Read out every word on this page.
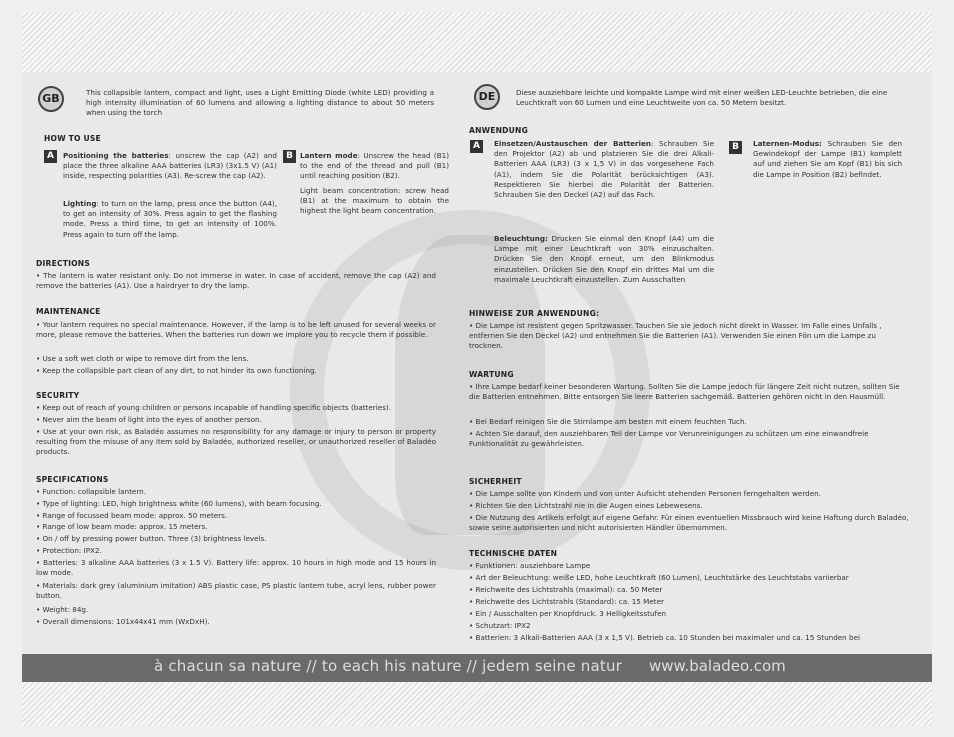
GB	This collapsible lantern, compact and light, uses a Light Emitting Diode (white LED) providing a high intensity illumination of 60 lumens and allowing a lighting distance to about 50 meters when using the torch

HOW TO USE
A	Positioning the batteries: unscrew the cap (A2) and place the three alkaline AAA batteries (LR3) (3x1.5 V) (A1) inside, respecting polarities (A3). Re-screw the cap (A2).

Lighting: to turn on the lamp, press once the button (A4), to get an intensity of 30%. Press again to get the flashing mode. Press a third time, to get an intensity of 100%. Press again to turn off the lamp.

B Lantern mode: Unscrew the head (B1) to the end of the thread and pull (B1) until reaching position (B2).

Light beam concentration: screw head (B1) at the maximum to obtain the highest the light beam concentration.

DIRECTIONS

• The lantern is water resistant only. Do not immerse in water. In case of accident, remove the cap (A2) and remove the batteries (A1). Use a hairdryer to dry the lamp.

MAINTENANCE

• Your lantern requires no special maintenance. However, if the lamp is to be left unused for several weeks or more, please remove the batteries. When the batteries run down we implore you to recycle them if possible.

• Use a soft wet cloth or wipe to remove dirt from the lens.

• Keep the collapsible part clean of any dirt, to not hinder its own functioning.

SECURITY

• Keep out of reach of young children or persons incapable of handling specific objects (batteries).

• Never aim the beam of light into the eyes of another person.

• Use at your own risk, as Baladéo assumes no responsibility for any damage or injury to person or property resulting from the misuse of any item sold by Baladéo, authorized reseller, or unauthorized reseller of Baladéo products.

SPECIFICATIONS

• Function: collapsible lantern.

• Type of lighting: LED, high brightness white (60 lumens), with beam focusing.

• Range of focussed beam mode: approx. 50 meters.

• Range of low beam mode: approx. 15 meters.

• On / off by pressing power button. Three (3) brightness levels.

• Protection: IPX2.

• Batteries: 3 alkaline AAA batteries (3 x 1.5 V). Battery life: approx. 10 hours in high mode and 15 hours in low mode.

• Materials: dark grey (aluminium imitation) ABS plastic case, PS plastic lantern tube, acryl lens, rubber power button.

• Weight: 84g.

• Overall dimensions: 101x44x41 mm (WxDxH).

DE	Diese ausziehbare leichte und kompakte Lampe wird mit einer weißen LED-Leuchte betrieben, die eine Leuchtkraft von 60 Lumen und eine Leuchtweite von ca. 50 Metern besitzt.

ANWENDUNG
A	Einsetzen/Austauschen der Batterien: Schrauben Sie den Projektor (A2) ab und platzieren Sie die drei Alkali-Batterien AAA (LR3) (3 x 1,5 V) in das vorgesehene Fach (A1), indem Sie die Polarität berücksichtigen (A3). Respektieren Sie hierbei die Polarität der Batterien. Schrauben Sie den Deckel (A2) auf das Fach.

Beleuchtung: Drucken Sie einmal den Knopf (A4) um die Lampe mit einer Leuchtkraft von 30% einzuschalten. Drücken Sie den Knopf erneut, um den Blinkmodus einzustellen. Drücken Sie den Knopf ein drittes Mal um die maximale Leuchtkraft einzustellen. Zum Ausschalten

B	Laternen-Modus: Schrauben Sie den Gewindekopf der Lampe (B1) komplett auf und ziehen Sie am Kopf (B1) bis sich die Lampe in Position (B2) befindet.

HINWEISE ZUR ANWENDUNG:

• Die Lampe ist resistent gegen Spritzwasser. Tauchen Sie sie jedoch nicht direkt in Wasser. Im Falle eines Unfalls , entfernen Sie den Deckel (A2) und entnehmen Sie die Batterien (A1). Verwenden Sie einen Fön um die Lampe zu trocknen.

WARTUNG

• Ihre Lampe bedarf keiner besonderen Wartung. Sollten Sie die Lampe jedoch für längere Zeit nicht nutzen, sollten Sie die Batterien entnehmen. Bitte entsorgen Sie leere Batterien sachgemäß. Batterien gehören nicht in den Hausmüll.

• Bei Bedarf reinigen Sie die Stirnlampe am besten mit einem feuchten Tuch.

• Achten Sie darauf, den ausziehbaren Teil der Lampe vor Verunreinigungen zu schützen um eine einwandfreie Funktionalität zu gewährleisten.

SICHERHEIT

• Die Lampe sollte von Kindern und von unter Aufsicht stehenden Personen ferngehalten werden.

• Richten Sie den Lichtstrahl nie in die Augen eines Lebewesens.

• Die Nutzung des Artikels erfolgt auf eigene Gefahr. Für einen eventuellen Missbrauch wird keine Haftung durch Baladéo, sowie seine autorisierten und nicht autorisierten Händler übernommen.

TECHNISCHE DATEN

• Funktionen: ausziehbare Lampe

• Art der Beleuchtung: weiße LED, hohe Leuchtkraft (60 Lumen), Leuchtstärke des Leuchtstabs variierbar

• Reichweite des Lichtstrahls (maximal): ca. 50 Meter

• Reichweite des Lichtstrahls (Standard): ca. 15 Meter

• Ein / Ausschalten per Knopfdruck. 3 Helligkeitsstufen

• Schutzart: IPX2

• Batterien: 3 Alkali-Batterien AAA (3 x 1,5 V). Betrieb ca. 10 Stunden bei maximaler und ca. 15 Stunden bei

à chacun sa nature // to each his nature // jedem seine natur www.baladeo.com
